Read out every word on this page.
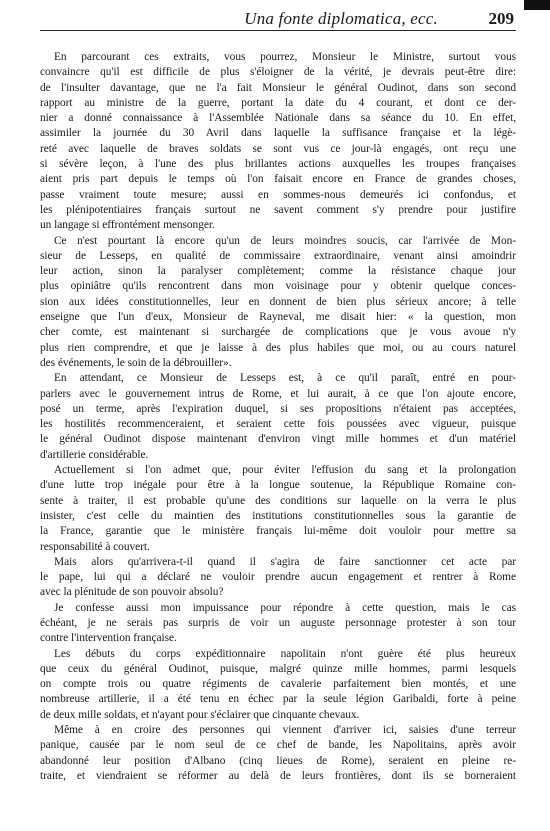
Una fonte diplomatica, ecc.	209
En parcourant ces extraits, vous pourrez, Monsieur le Ministre, surtout vous
convaincre qu'il est difficile de plus s'éloigner de la vérité, je devrais peut-être dire:
de l'insulter davantage, que ne l'a fait Monsieur le général Oudinot, dans son second
rapport au ministre de la guerre, portant la date du 4 courant, et dont ce der-
nier a donné connaissance à l'Assemblée Nationale dans sa séance du 10. En effet,
assimiler la journée du 30 Avril dans laquelle la suffisance française et la légè-
reté avec laquelle de braves soldats se sont vus ce jour-là engagés, ont reçu une
si sévère leçon, à l'une des plus brillantes actions auxquelles les troupes françaises
aient pris part depuis le temps où l'on faisait encore en France de grandes choses,
passe vraiment toute mesure; aussi en sommes-nous demeurés ici confondus, et
les plénipotentiaires français surtout ne savent comment s'y prendre pour justifire
un langage si effrontément mensonger.
Ce n'est pourtant là encore qu'un de leurs moindres soucis, car l'arrivée de Mon-
sieur de Lesseps, en qualité de commissaire extraordinaire, venant ainsi amoindrir
leur action, sinon la paralyser complètement; comme la résistance chaque jour
plus opiniâtre qu'ils rencontrent dans mon voisinage pour y obtenir quelque conces-
sion aux idées constitutionnelles, leur en donnent de bien plus sérieux ancore; à telle
enseigne que l'un d'eux, Monsieur de Rayneval, me disait hier: « la question, mon
cher comte, est maintenant si surchargée de complications que je vous avoue n'y
plus rien comprendre, et que je laisse à des plus habiles que moi, ou au cours naturel
des événements, le soin de la débrouiller».
En attendant, ce Monsieur de Lesseps est, à ce qu'il paraît, entré en pour-
parlers avec le gouvernement intrus de Rome, et lui aurait, à ce que l'on ajoute encore,
posé un terme, après l'expiration duquel, si ses propositions n'étaient pas acceptées,
les hostilités recommenceraient, et seraient cette fois poussées avec vigueur, puisque
le général Oudinot dispose maintenant d'environ vingt mille hommes et d'un matériel
d'artillerie considérable.
Actuellement si l'on admet que, pour éviter l'effusion du sang et la prolongation
d'une lutte trop inégale pour être à la longue soutenue, la République Romaine con-
sente à traiter, il est probable qu'une des conditions sur laquelle on la verra le plus
insister, c'est celle du maintien des institutions constitutionnelles sous la garantie de
la France, garantie que le ministère français lui-même doit vouloir pour mettre sa
responsabilité à couvert.
Mais alors qu'arrivera-t-il quand il s'agira de faire sanctionner cet acte par
le pape, lui qui a déclaré ne vouloir prendre aucun engagement et rentrer à Rome
avec la plénitude de son pouvoir absolu?
Je confesse aussi mon impuissance pour répondre à cette question, mais le cas
échéant, je ne serais pas surpris de voir un auguste personnage protester à son tour
contre l'intervention française.
Les débuts du corps expéditionnaire napolitain n'ont guère été plus heureux
que ceux du général Oudinot, puisque, malgré quinze mille hommes, parmi lesquels
on compte trois ou quatre régiments de cavalerie parfaitement bien montés, et une
nombreuse artillerie, il a été tenu en échec par la seule légion Garibaldi, forte à peine
de deux mille soldats, et n'ayant pour s'éclairer que cinquante chevaux.
Même à en croire des personnes qui viennent d'arriver ici, saisies d'une terreur
panique, causée par le nom seul de ce chef de bande, les Napolitains, après avoir
abandonné leur position d'Albano (cinq lieues de Rome), seraient en pleine re-
traite, et viendraient se réformer au delà de leurs frontières, dont ils se borneraient
